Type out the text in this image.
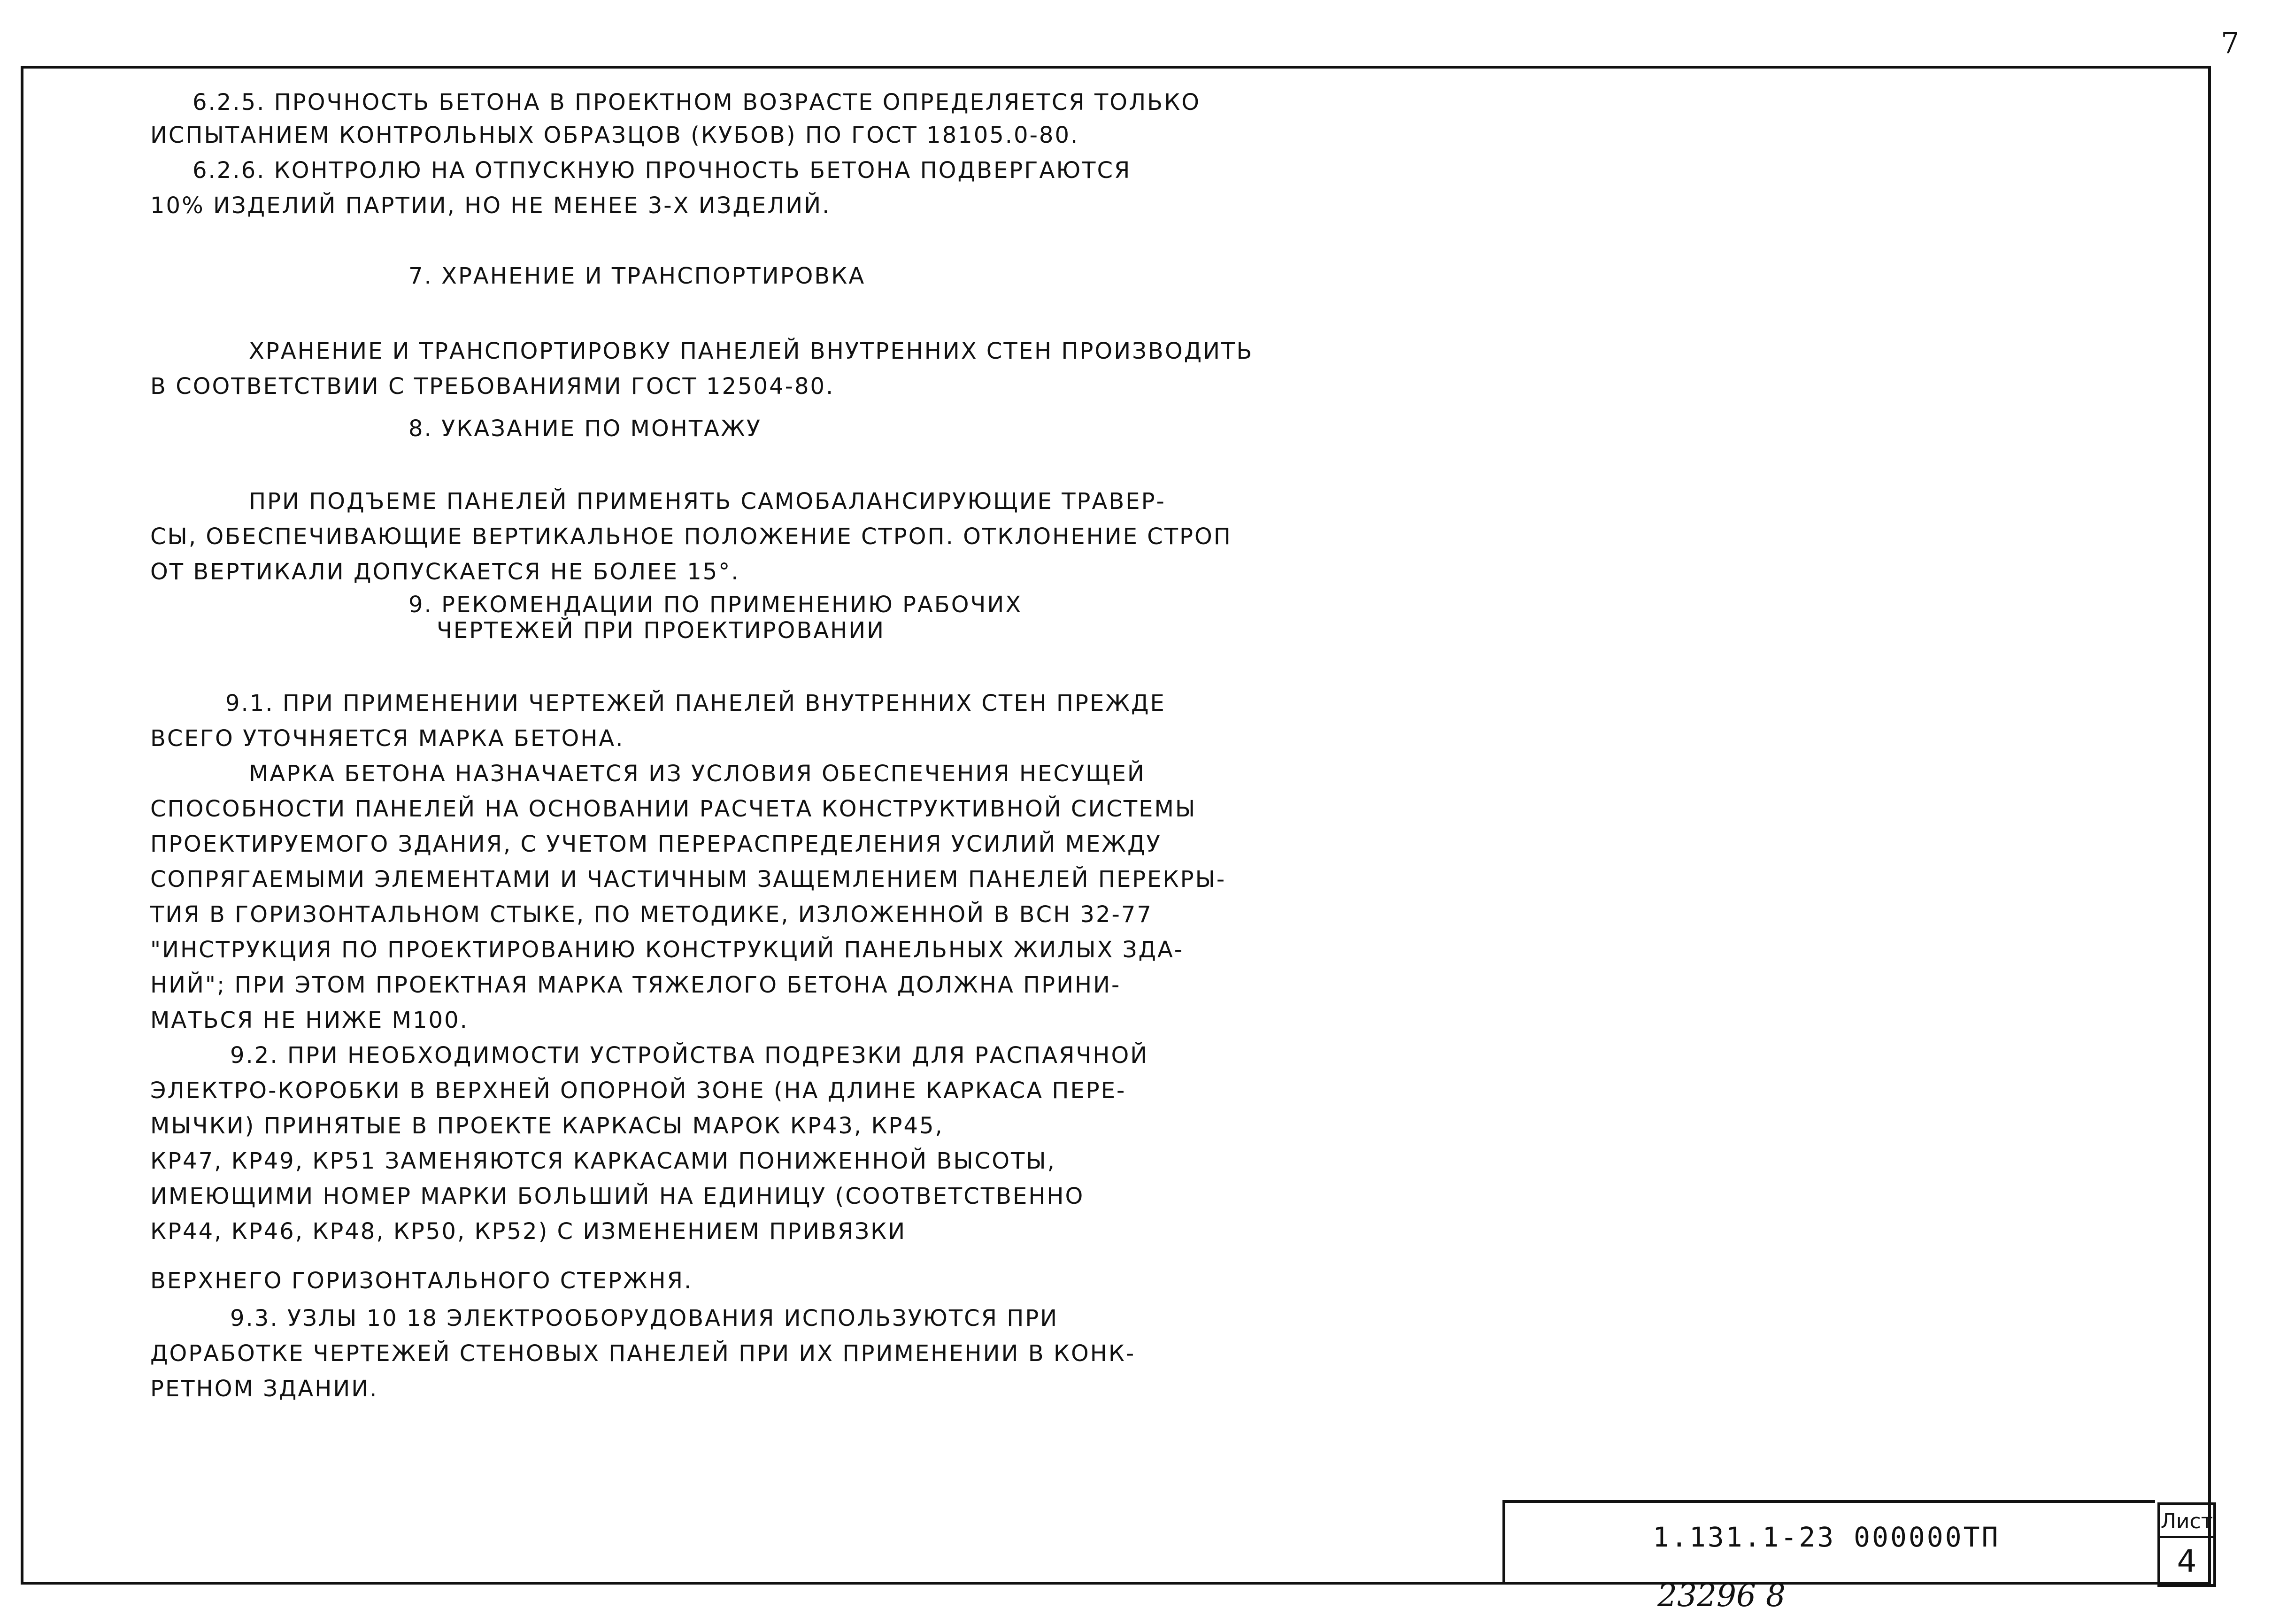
7
6.2.5. ПРОЧНОСТЬ БЕТОНА В ПРОЕКТНОМ ВОЗРАСТЕ ОПРЕДЕЛЯЕТСЯ ТОЛЬКО
ИСПЫТАНИЕМ КОНТРОЛЬНЫХ ОБРАЗЦОВ (КУБОВ) ПО ГОСТ 18105.0-80.
6.2.6. КОНТРОЛЮ НА ОТПУСКНУЮ ПРОЧНОСТЬ БЕТОНА ПОДВЕРГАЮТСЯ
10% ИЗДЕЛИЙ ПАРТИИ, НО НЕ МЕНЕЕ 3-Х ИЗДЕЛИЙ.
7. ХРАНЕНИЕ И ТРАНСПОРТИРОВКА
ХРАНЕНИЕ И ТРАНСПОРТИРОВКУ ПАНЕЛЕЙ ВНУТРЕННИХ СТЕН ПРОИЗВОДИТЬ
В СООТВЕТСТВИИ С ТРЕБОВАНИЯМИ ГОСТ 12504-80.
8. УКАЗАНИЕ ПО МОНТАЖУ
ПРИ ПОДЪЕМЕ ПАНЕЛЕЙ ПРИМЕНЯТЬ САМОБАЛАНСИРУЮЩИЕ ТРАВЕР-
СЫ, ОБЕСПЕЧИВАЮЩИЕ ВЕРТИКАЛЬНОЕ ПОЛОЖЕНИЕ СТРОП. ОТКЛОНЕНИЕ СТРОП
ОТ ВЕРТИКАЛИ ДОПУСКАЕТСЯ НЕ БОЛЕЕ 15°.
9. РЕКОМЕНДАЦИИ ПО ПРИМЕНЕНИЮ РАБОЧИХ
ЧЕРТЕЖЕЙ ПРИ ПРОЕКТИРОВАНИИ
9.1. ПРИ ПРИМЕНЕНИИ ЧЕРТЕЖЕЙ ПАНЕЛЕЙ ВНУТРЕННИХ СТЕН ПРЕЖДЕ
ВСЕГО УТОЧНЯЕТСЯ МАРКА БЕТОНА.
МАРКА БЕТОНА НАЗНАЧАЕТСЯ ИЗ УСЛОВИЯ ОБЕСПЕЧЕНИЯ НЕСУЩЕЙ
СПОСОБНОСТИ ПАНЕЛЕЙ НА ОСНОВАНИИ РАСЧЕТА КОНСТРУКТИВНОЙ СИСТЕМЫ
ПРОЕКТИРУЕМОГО ЗДАНИЯ, С УЧЕТОМ ПЕРЕРАСПРЕДЕЛЕНИЯ УСИЛИЙ МЕЖДУ
СОПРЯГАЕМЫМИ ЭЛЕМЕНТАМИ И ЧАСТИЧНЫМ ЗАЩЕМЛЕНИЕМ ПАНЕЛЕЙ ПЕРЕКРЫ-
ТИЯ В ГОРИЗОНТАЛЬНОМ СТЫКЕ, ПО МЕТОДИКЕ, ИЗЛОЖЕННОЙ В ВСН 32-77
"ИНСТРУКЦИЯ ПО ПРОЕКТИРОВАНИЮ КОНСТРУКЦИЙ ПАНЕЛЬНЫХ ЖИЛЫХ ЗДА-
НИЙ"; ПРИ ЭТОМ ПРОЕКТНАЯ МАРКА ТЯЖЕЛОГО БЕТОНА ДОЛЖНА ПРИНИ-
МАТЬСЯ НЕ НИЖЕ М100.
9.2. ПРИ НЕОБХОДИМОСТИ УСТРОЙСТВА ПОДРЕЗКИ ДЛЯ РАСПАЯЧНОЙ
ЭЛЕКТРО-КОРОБКИ В ВЕРХНЕЙ ОПОРНОЙ ЗОНЕ (НА ДЛИНЕ КАРКАСА ПЕРЕ-
МЫЧКИ) ПРИНЯТЫЕ В ПРОЕКТЕ КАРКАСЫ МАРОК КР43, КР45,
КР47, КР49, КР51 ЗАМЕНЯЮТСЯ КАРКАСАМИ ПОНИЖЕННОЙ ВЫСОТЫ,
ИМЕЮЩИМИ НОМЕР МАРКИ БОЛЬШИЙ НА ЕДИНИЦУ (СООТВЕТСТВЕННО
КР44, КР46, КР48, КР50, КР52) С ИЗМЕНЕНИЕМ ПРИВЯЗКИ
ВЕРХНЕГО ГОРИЗОНТАЛЬНОГО СТЕРЖНЯ.
9.3. УЗЛЫ 10 18 ЭЛЕКТРООБОРУДОВАНИЯ ИСПОЛЬЗУЮТСЯ ПРИ
ДОРАБОТКЕ ЧЕРТЕЖЕЙ СТЕНОВЫХ ПАНЕЛЕЙ ПРИ ИХ ПРИМЕНЕНИИ В КОНК-
РЕТНОМ ЗДАНИИ.
1.131.1-23 000000ТП	Лист
4
23296 8
